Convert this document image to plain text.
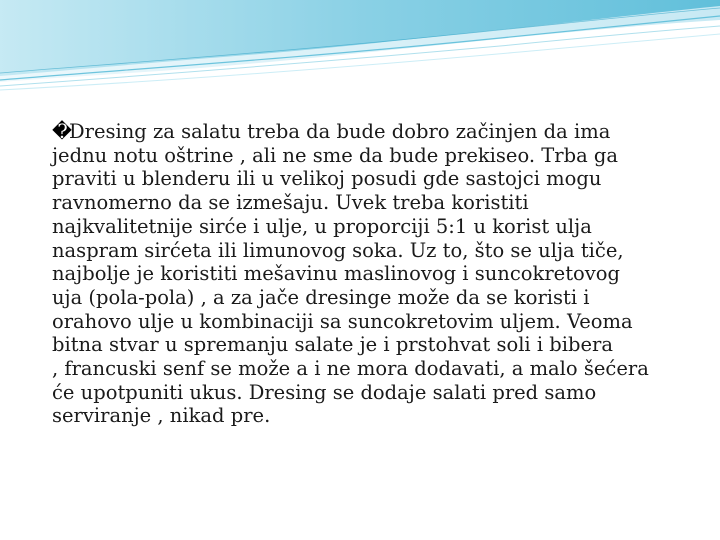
�Dresing za salatu treba da bude dobro začinjen da ima
jednu notu oštrine , ali ne sme da bude prekiseo. Trba ga
praviti u blenderu ili u velikoj posudi gde sastojci mogu
ravnomerno da se izmešaju. Uvek treba koristiti
najkvalitetnije sirće i ulje, u proporciji 5:1 u korist ulja
naspram sirćeta ili limunovog soka. Uz to, što se ulja tiče,
najbolje je koristiti mešavinu maslinovog i suncokretovog
uja (pola-pola) , a za jače dresinge može da se koristi i
orahovo ulje u kombinaciji sa suncokretovim uljem. Veoma
bitna stvar u spremanju salate je i prstohvat soli i bibera
, francuski senf se može a i ne mora dodavati, a malo šećera
će upotpuniti ukus. Dresing se dodaje salati pred samo
serviranje , nikad pre.
